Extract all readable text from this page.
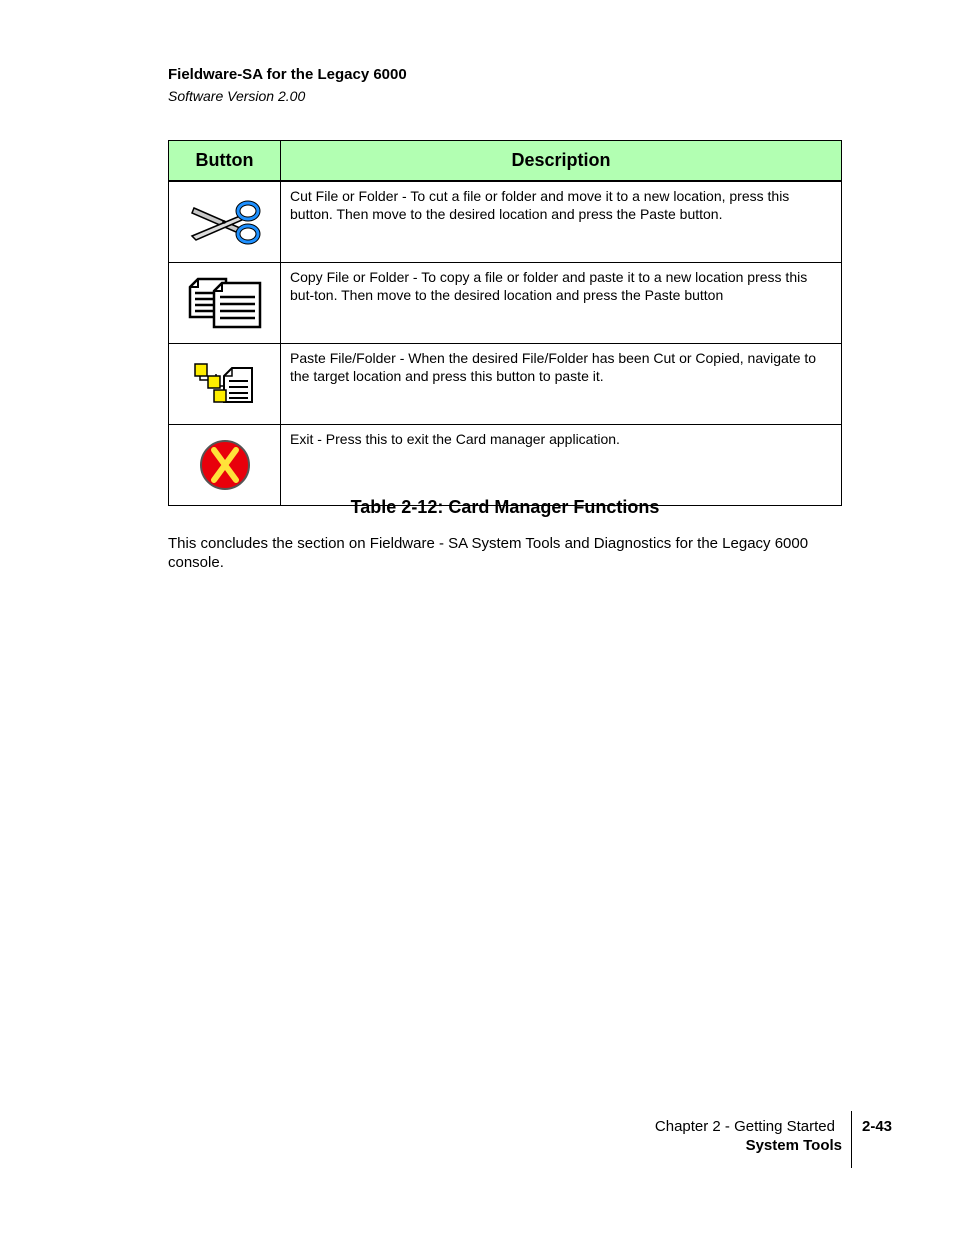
Fieldware-SA for the Legacy 6000
Software Version 2.00
Button	Description

	Cut File or Folder - To cut a file or folder and move it to a new location, press this button. Then move to the desired location and press the Paste button.

	Copy File or Folder - To copy a file or folder and paste it to a new location press this but-ton. Then move to the desired location and press the Paste button

	Paste File/Folder - When the desired File/Folder has been Cut or Copied, navigate to the target location and press this button to paste it.

	Exit - Press this to exit the Card manager application.
Table 2-12: Card Manager Functions
This concludes the section on Fieldware - SA System Tools and Diagnostics for the Legacy 6000 console.
Chapter 2 - Getting Started
System Tools
2-43
